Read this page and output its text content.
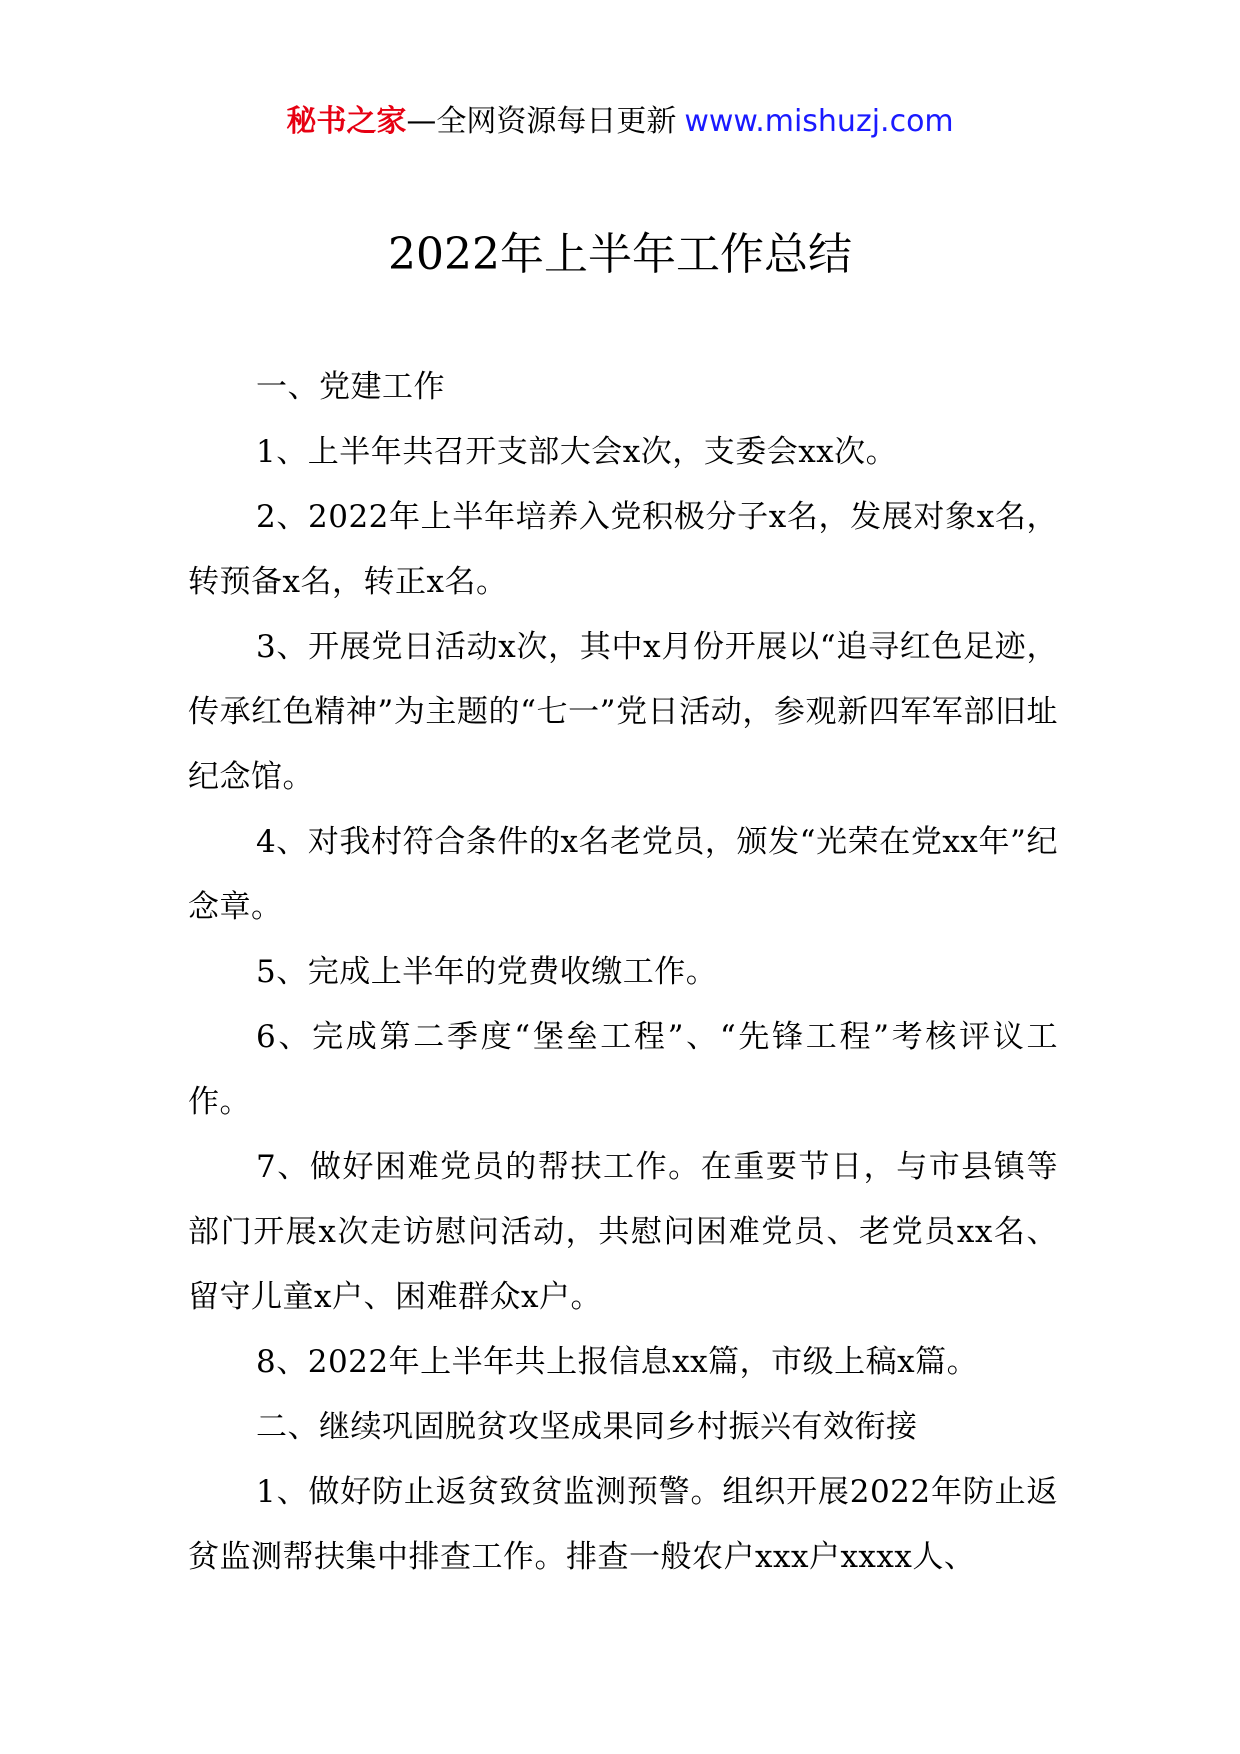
秘书之家—全网资源每日更新 www.mishuzj.com
2022年上半年工作总结

一、党建工作

1、上半年共召开支部大会x次，支委会xx次。

2、2022年上半年培养入党积极分子x名，发展对象x名，转预备x名，转正x名。

3、开展党日活动x次，其中x月份开展以“追寻红色足迹，传承红色精神”为主题的“七一”党日活动，参观新四军军部旧址纪念馆。

4、对我村符合条件的x名老党员，颁发“光荣在党xx年”纪念章。

5、完成上半年的党费收缴工作。

6、完成第二季度“堡垒工程”、“先锋工程”考核评议工作。

7、做好困难党员的帮扶工作。在重要节日，与市县镇等部门开展x次走访慰问活动，共慰问困难党员、老党员xx名、留守儿童x户、困难群众x户。

8、2022年上半年共上报信息xx篇，市级上稿x篇。

二、继续巩固脱贫攻坚成果同乡村振兴有效衔接

1、做好防止返贫致贫监测预警。组织开展2022年防止返贫监测帮扶集中排查工作。排查一般农户xxx户xxxx人、
